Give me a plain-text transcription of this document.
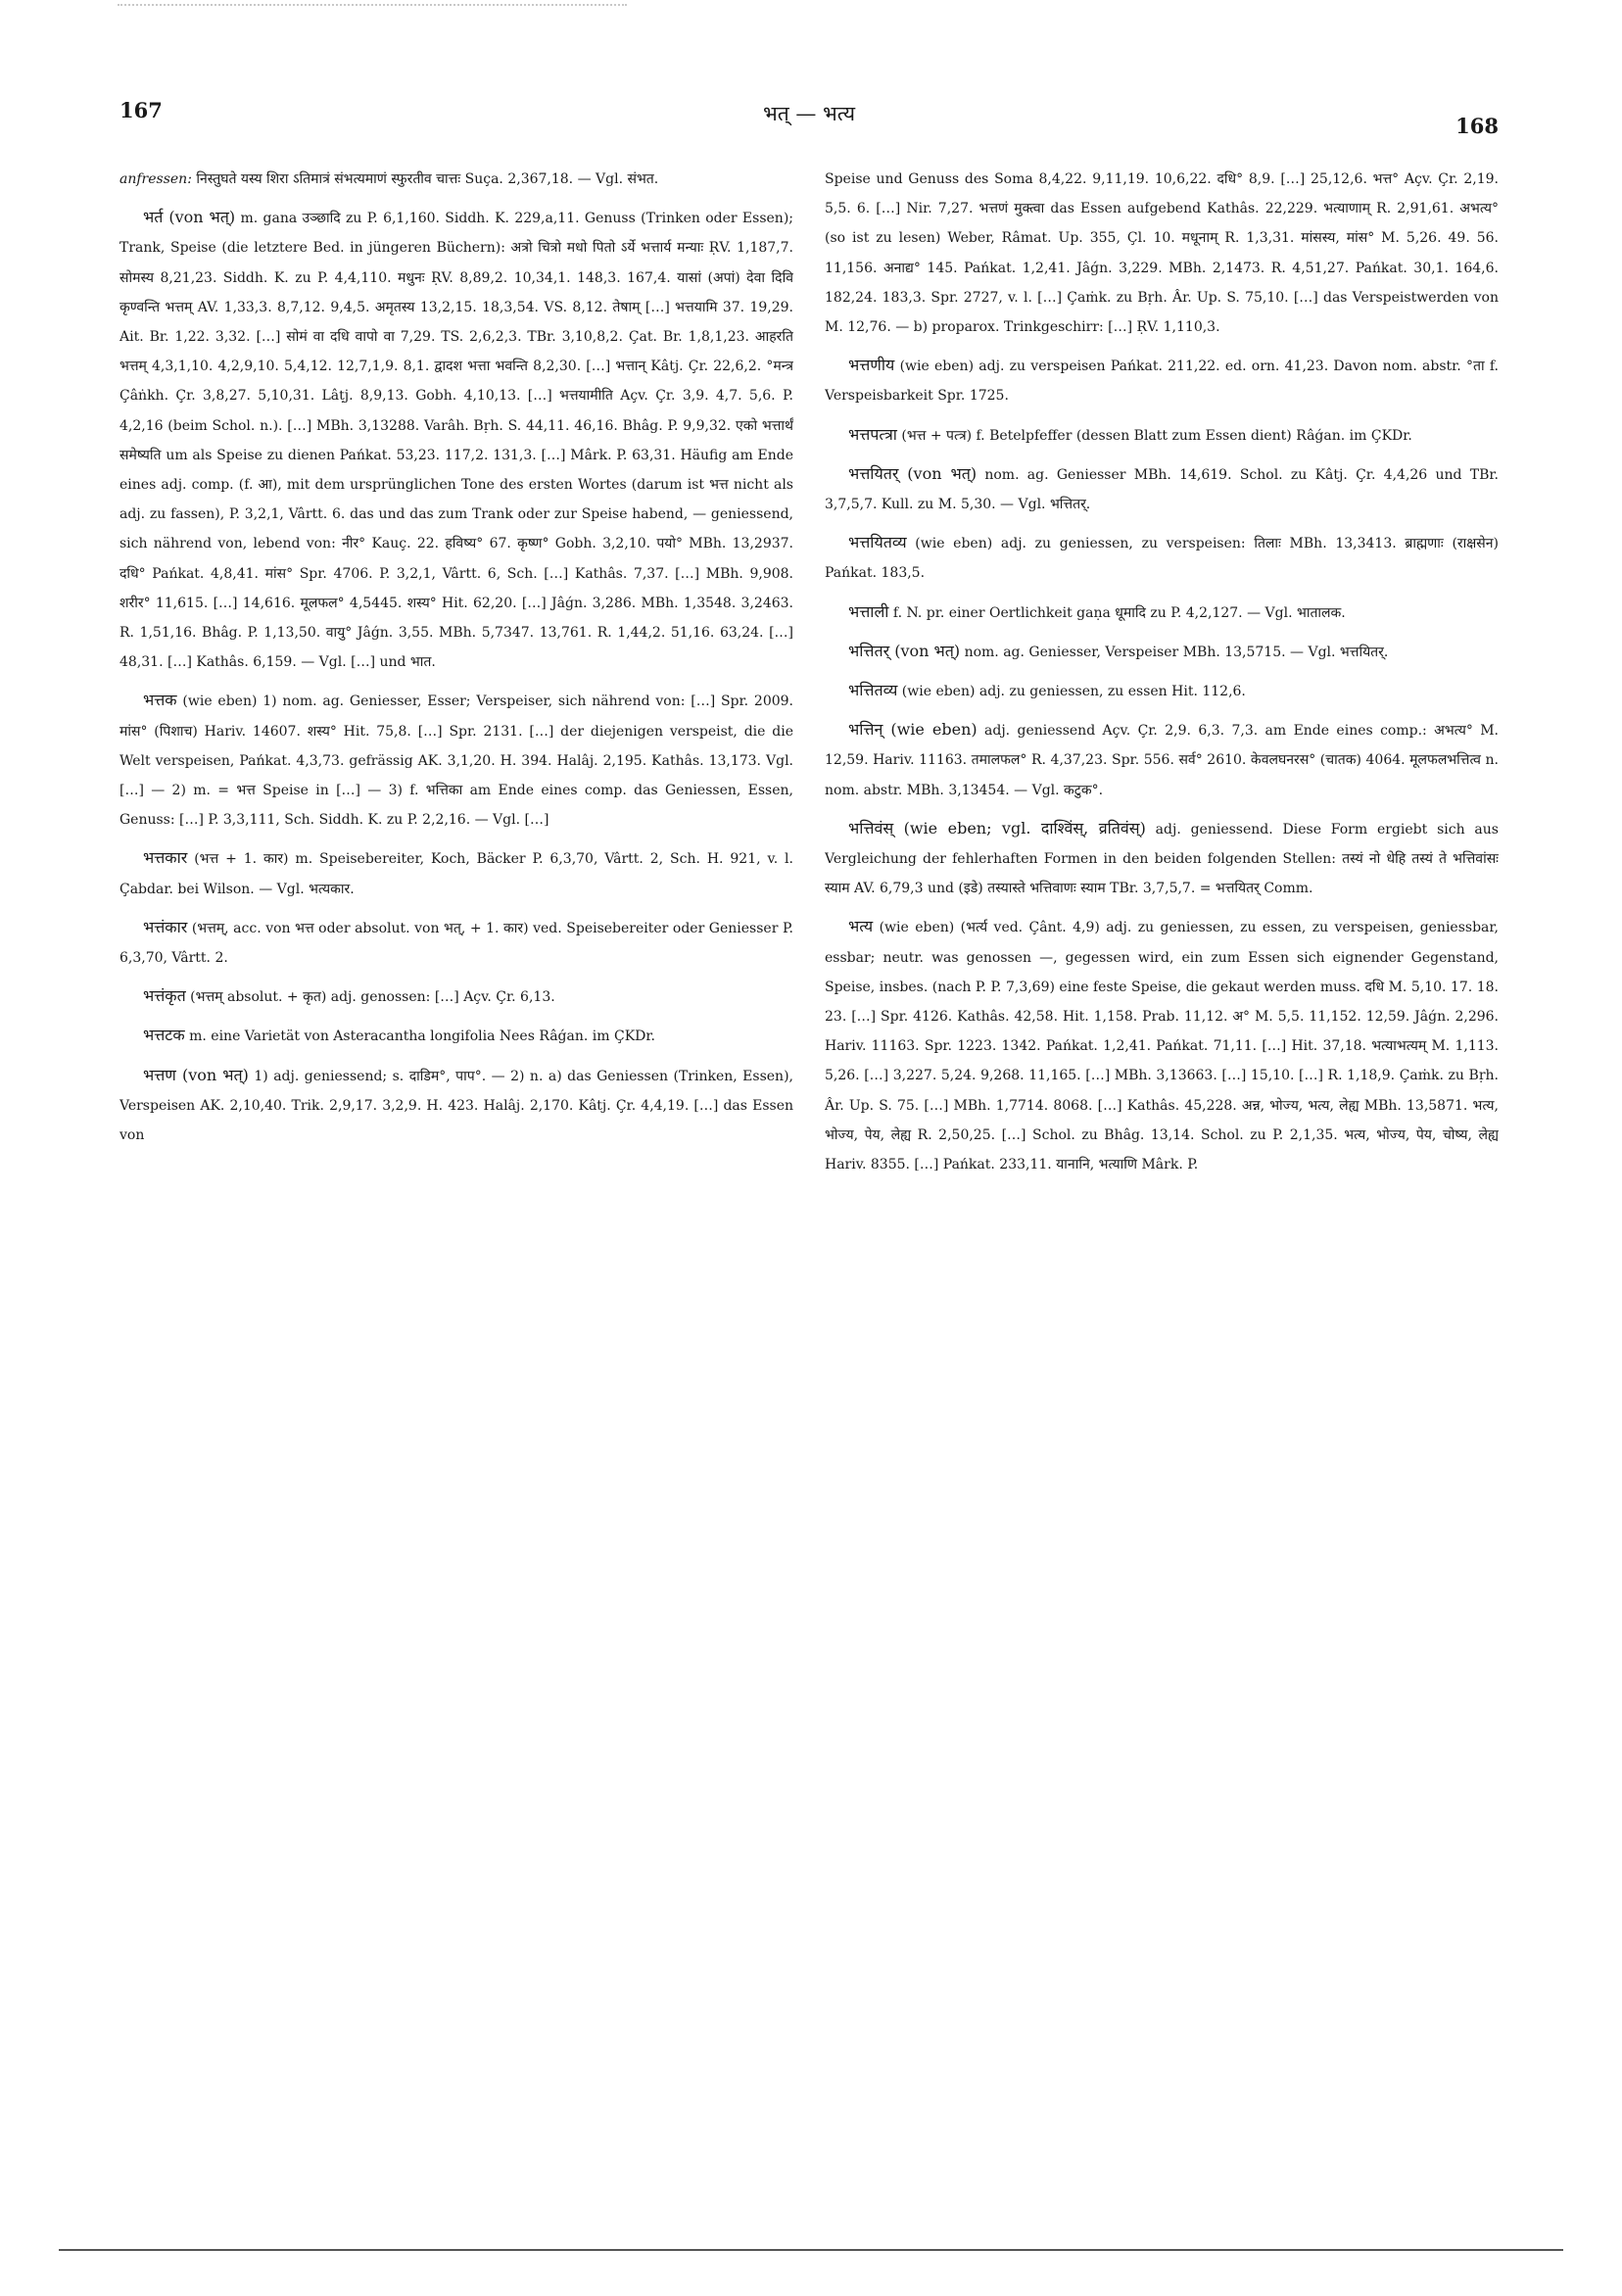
167	भत् — भत्य	168

anfressen: निस्तुघते यस्य शिरा ऽतिमात्रं संभत्यमाणं स्फुरतीव चात्तः Suça. 2,367,18. — Vgl. संभत.

भर्त (von भत्) m. gana उञ्छादि zu P. 6,1,160. Siddh. K. 229,a,11. Genuss (Trinken oder Essen); Trank, Speise (die letztere Bed. in jüngeren Büchern): अत्रो चित्रो मधो पितो ऽर्ये भत्तार्य मन्याः ṚV. 1,187,7. सोमस्य 8,21,23. Siddh. K. zu P. 4,4,110. मधुनः ṚV. 8,89,2. 10,34,1. 148,3. 167,4. यासां (अपां) देवा दिवि कृण्वन्ति भत्तम् AV. 1,33,3. 8,7,12. 9,4,5. अमृतस्य 13,2,15. 18,3,54. VS. 8,12. तेषाम् […] भत्तयामि 37. 19,29. Ait. Br. 1,22. 3,32. […] सोमं वा दधि वापो वा 7,29. TS. 2,6,2,3. TBr. 3,10,8,2. Çat. Br. 1,8,1,23. आहरति भत्तम् 4,3,1,10. 4,2,9,10. 5,4,12. 12,7,1,9. 8,1. द्वादश भत्ता भवन्ति 8,2,30. […] भत्तान् Kâtj. Çr. 22,6,2. °मन्त्र Çâṅkh. Çr. 3,8,27. 5,10,31. Lâṭj. 8,9,13. Gobh. 4,10,13. […] भत्तयामीति Açv. Çr. 3,9. 4,7. 5,6. P. 4,2,16 (beim Schol. n.). […] MBh. 3,13288. Varâh. Bṛh. S. 44,11. 46,16. Bhâg. P. 9,9,32. एको भत्तार्थं समेष्यति um als Speise zu dienen Pańkat. 53,23. 117,2. 131,3. […] Mârk. P. 63,31. Häufig am Ende eines adj. comp. (f. आ), mit dem ursprünglichen Tone des ersten Wortes (darum ist भत्त nicht als adj. zu fassen), P. 3,2,1, Vârtt. 6. das und das zum Trank oder zur Speise habend, — geniessend, sich nährend von, lebend von: नीर° Kauç. 22. हविष्य° 67. कृष्ण° Gobh. 3,2,10. पयो° MBh. 13,2937. दधि° Pańkat. 4,8,41. मांस° Spr. 4706. P. 3,2,1, Vârtt. 6, Sch. […] Kathâs. 7,37. […] MBh. 9,908. शरीर° 11,615. […] 14,616. मूलफल° 4,5445. शस्य° Hit. 62,20. […] Jâǵn. 3,286. MBh. 1,3548. 3,2463. R. 1,51,16. Bhâg. P. 1,13,50. वायु° Jâǵn. 3,55. MBh. 5,7347. 13,761. R. 1,44,2. 51,16. 63,24. […] 48,31. […] Kathâs. 6,159. — Vgl. […] und भात.

भत्तक (wie eben) 1) nom. ag. Geniesser, Esser; Verspeiser, sich nährend von: […] Spr. 2009. मांस° (पिशाच) Hariv. 14607. शस्य° Hit. 75,8. […] Spr. 2131. […] der diejenigen verspeist, die die Welt verspeisen, Pańkat. 4,3,73. gefrässig AK. 3,1,20. H. 394. Halâj. 2,195. Kathâs. 13,173. Vgl. […] — 2) m. = भत्त Speise in […] — 3) f. भत्तिका am Ende eines comp. das Geniessen, Essen, Genuss: […] P. 3,3,111, Sch. Siddh. K. zu P. 2,2,16. — Vgl. […]

भत्तकार (भत्त + 1. कार) m. Speisebereiter, Koch, Bäcker P. 6,3,70, Vârtt. 2, Sch. H. 921, v. l. Çabdar. bei Wilson. — Vgl. भत्यकार.

भत्तंकार (भत्तम्, acc. von भत्त oder absolut. von भत्, + 1. कार) ved. Speisebereiter oder Geniesser P. 6,3,70, Vârtt. 2.

भत्तंकृत (भत्तम् absolut. + कृत) adj. genossen: […] Açv. Çr. 6,13.

भत्तटक m. eine Varietät von Asteracantha longifolia Nees Râǵan. im ÇKDr.

भत्तण (von भत्) 1) adj. geniessend; s. दाडिम°, पाप°. — 2) n. a) das Geniessen (Trinken, Essen), Verspeisen AK. 2,10,40. Trik. 2,9,17. 3,2,9. H. 423. Halâj. 2,170. Kâtj. Çr. 4,4,19. […] das Essen von

Speise und Genuss des Soma 8,4,22. 9,11,19. 10,6,22. दधि° 8,9. […] 25,12,6. भत्त° Açv. Çr. 2,19. 5,5. 6. […] Nir. 7,27. भत्तणं मुक्त्वा das Essen aufgebend Kathâs. 22,229. भत्याणाम् R. 2,91,61. अभत्य° (so ist zu lesen) Weber, Râmat. Up. 355, Çl. 10. मधूनाम् R. 1,3,31. मांसस्य, मांस° M. 5,26. 49. 56. 11,156. अनाद्य° 145. Pańkat. 1,2,41. Jâǵn. 3,229. MBh. 2,1473. R. 4,51,27. Pańkat. 30,1. 164,6. 182,24. 183,3. Spr. 2727, v. l. […] Çaṁk. zu Bṛh. Âr. Up. S. 75,10. […] das Verspeistwerden von M. 12,76. — b) proparox. Trinkgeschirr: […] ṚV. 1,110,3.

भत्तणीय (wie eben) adj. zu verspeisen Pańkat. 211,22. ed. orn. 41,23. Davon nom. abstr. °ता f. Verspeisbarkeit Spr. 1725.

भत्तपत्त्रा (भत्त + पत्त्र) f. Betelpfeffer (dessen Blatt zum Essen dient) Râǵan. im ÇKDr.

भत्तयितर् (von भत्) nom. ag. Geniesser MBh. 14,619. Schol. zu Kâtj. Çr. 4,4,26 und TBr. 3,7,5,7. Kull. zu M. 5,30. — Vgl. भत्तितर्.

भत्तयितव्य (wie eben) adj. zu geniessen, zu verspeisen: तिलाः MBh. 13,3413. ब्राह्मणाः (राक्षसेन) Pańkat. 183,5.

भत्ताली f. N. pr. einer Oertlichkeit gaṇa धूमादि zu P. 4,2,127. — Vgl. भातालक.

भत्तितर् (von भत्) nom. ag. Geniesser, Verspeiser MBh. 13,5715. — Vgl. भत्तयितर्.

भत्तितव्य (wie eben) adj. zu geniessen, zu essen Hit. 112,6.

भत्तिन् (wie eben) adj. geniessend Açv. Çr. 2,9. 6,3. 7,3. am Ende eines comp.: अभत्य° M. 12,59. Hariv. 11163. तमालफल° R. 4,37,23. Spr. 556. सर्व° 2610. केवलघनरस° (चातक) 4064. मूलफलभत्तित्व n. nom. abstr. MBh. 3,13454. — Vgl. कटुक°.

भत्तिवंस् (wie eben; vgl. दाश्विंस्, व्रतिवंस्) adj. geniessend. Diese Form ergiebt sich aus Vergleichung der fehlerhaften Formen in den beiden folgenden Stellen: तस्यं नो धेहि तस्यं ते भत्तिवांसः स्याम AV. 6,79,3 und (इडे) तस्यास्ते भत्तिवाणः स्याम TBr. 3,7,5,7. = भत्तयितर् Comm.

भत्य (wie eben) (भर्त्य ved. Çânt. 4,9) adj. zu geniessen, zu essen, zu verspeisen, geniessbar, essbar; neutr. was genossen —, gegessen wird, ein zum Essen sich eignender Gegenstand, Speise, insbes. (nach P. P. 7,3,69) eine feste Speise, die gekaut werden muss. दधि M. 5,10. 17. 18. 23. […] Spr. 4126. Kathâs. 42,58. Hit. 1,158. Prab. 11,12. अ° M. 5,5. 11,152. 12,59. Jâǵn. 2,296. Hariv. 11163. Spr. 1223. 1342. Pańkat. 1,2,41. Pańkat. 71,11. […] Hit. 37,18. भत्याभत्यम् M. 1,113. 5,26. […] 3,227. 5,24. 9,268. 11,165. […] MBh. 3,13663. […] 15,10. […] R. 1,18,9. Çaṁk. zu Bṛh. Âr. Up. S. 75. […] MBh. 1,7714. 8068. […] Kathâs. 45,228. अन्न, भोज्य, भत्य, लेह्य MBh. 13,5871. भत्य, भोज्य, पेय, लेह्य R. 2,50,25. […] Schol. zu Bhâg. 13,14. Schol. zu P. 2,1,35. भत्य, भोज्य, पेय, चोष्य, लेह्य Hariv. 8355. […] Pańkat. 233,11. यानानि, भत्याणि Mârk. P.
